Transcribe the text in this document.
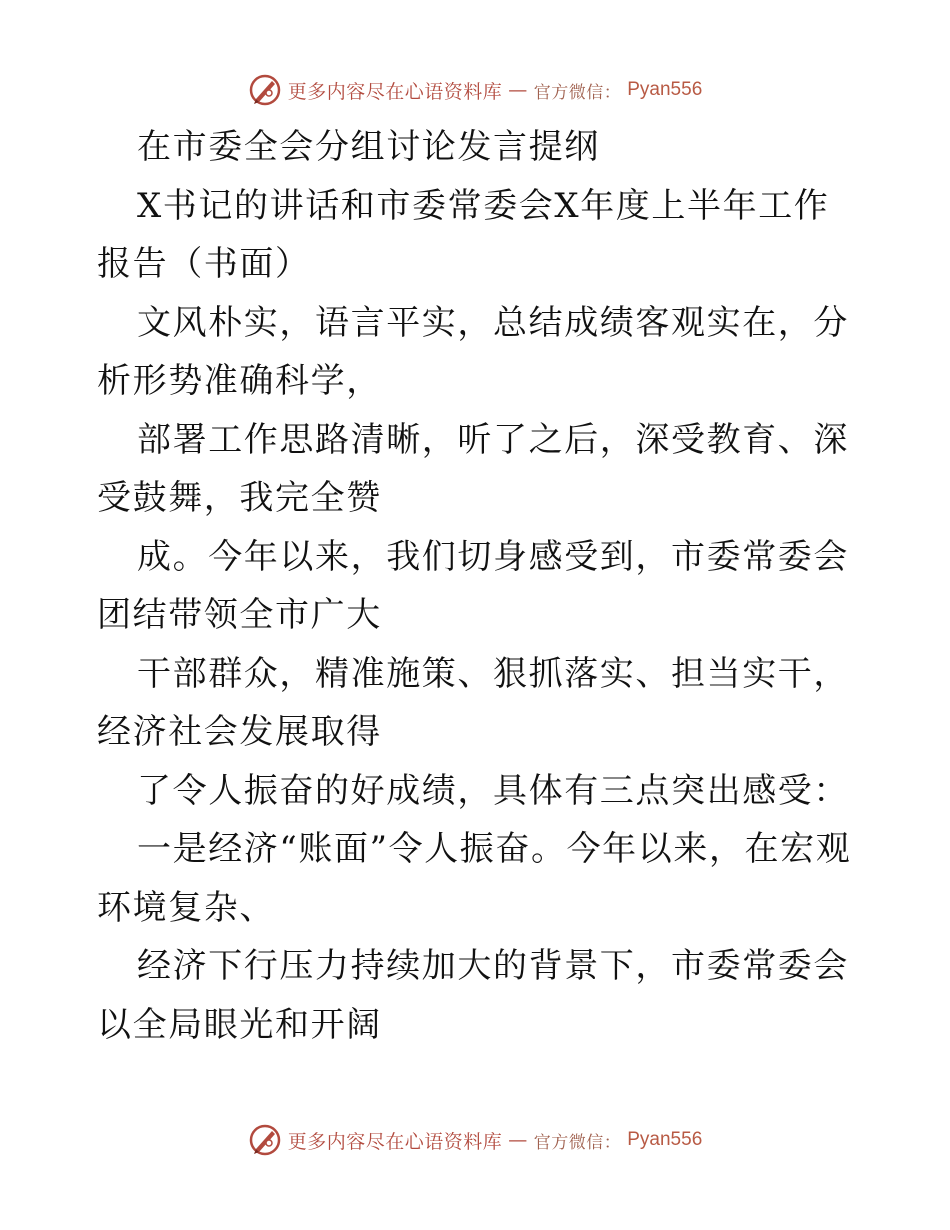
更多内容尽在心语资料库 — 官方微信： Pyan556

在市委全会分组讨论发言提纲

X书记的讲话和市委常委会X年度上半年工作报告（书面）

文风朴实，语言平实，总结成绩客观实在，分析形势准确科学，

部署工作思路清晰，听了之后，深受教育、深受鼓舞，我完全赞

成。今年以来，我们切身感受到，市委常委会团结带领全市广大

干部群众，精准施策、狠抓落实、担当实干，经济社会发展取得

了令人振奋的好成绩，具体有三点突出感受：

一是经济“账面”令人振奋。今年以来，在宏观环境复杂、

经济下行压力持续加大的背景下，市委常委会以全局眼光和开阔

更多内容尽在心语资料库 — 官方微信： Pyan556
